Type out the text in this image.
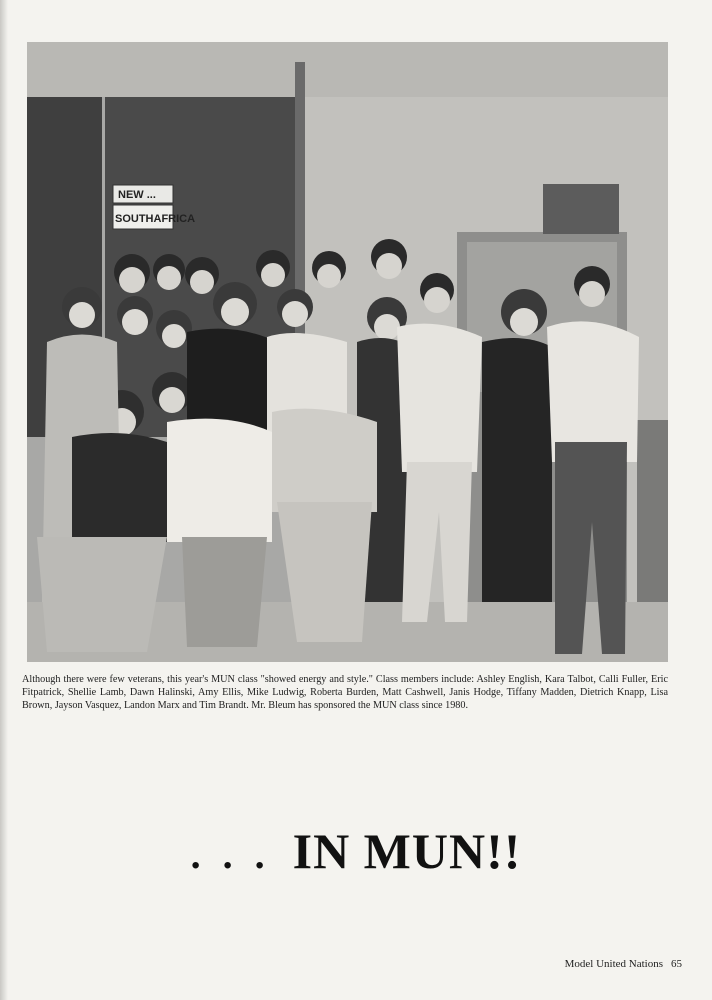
NEW ...
SOUTHAFRICA
Although there were few veterans, this year's MUN class "showed energy and style." Class members include: Ashley English, Kara Talbot, Calli Fuller, Eric Fitpatrick, Shellie Lamb, Dawn Halinski, Amy Ellis, Mike Ludwig, Roberta Burden, Matt Cashwell, Janis Hodge, Tiffany Madden, Dietrich Knapp, Lisa Brown, Jayson Vasquez, Landon Marx and Tim Brandt. Mr. Bleum has sponsored the MUN class since 1980.
. . . IN MUN!!
Model United Nations 65
